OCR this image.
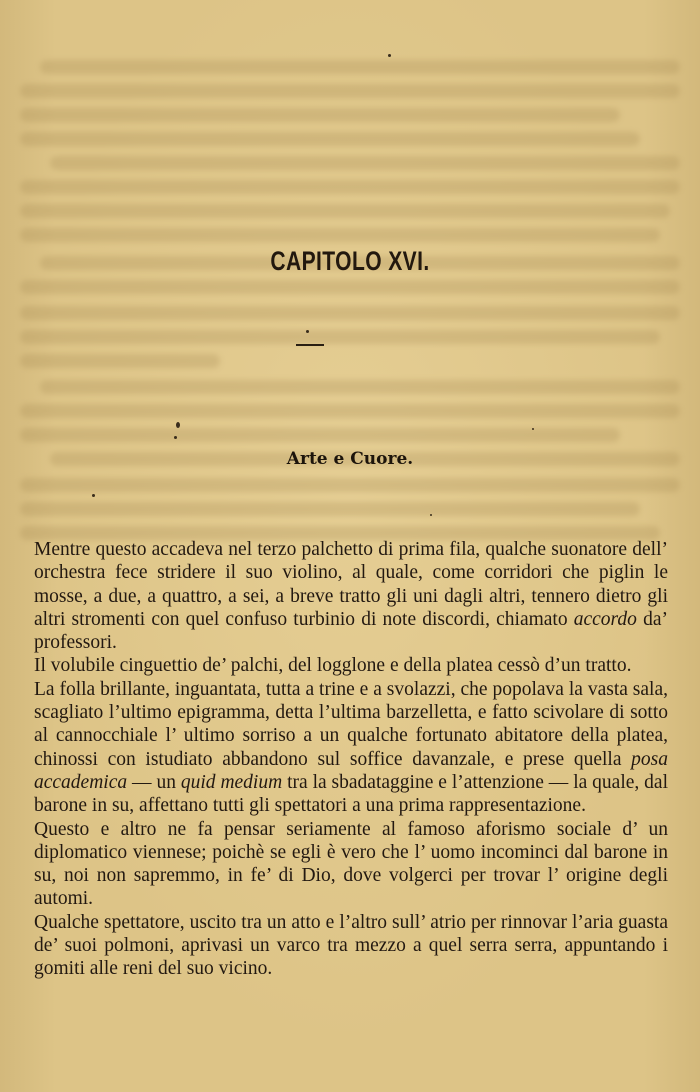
CAPITOLO XVI.
Arte e Cuore.

Mentre questo accadeva nel terzo palchetto di prima fila, qualche suonatore dell’ orchestra fece stridere il suo violino, al quale, come corridori che piglin le mosse, a due, a quattro, a sei, a breve tratto gli uni dagli altri, tennero dietro gli altri stromenti con quel confuso turbinio di note discordi, chiamato accordo da’ professori.

Il volubile cinguettio de’ palchi, del logglone e della platea cessò d’un tratto.

La folla brillante, inguantata, tutta a trine e a svolazzi, che popolava la vasta sala, scagliato l’ultimo epigramma, detta l’ultima barzelletta, e fatto scivolare di sotto al cannocchiale l’ ultimo sorriso a un qualche fortunato abitatore della platea, chinossi con istudiato abbandono sul soffice davanzale, e prese quella posa accademica — un quid medium tra la sbadataggine e l’attenzione — la quale, dal barone in su, affettano tutti gli spettatori a una prima rappresentazione.

Questo e altro ne fa pensar seriamente al famoso aforismo sociale d’ un diplomatico viennese; poichè se egli è vero che l’ uomo incominci dal barone in su, noi non sapremmo, in fe’ di Dio, dove volgerci per trovar l’ origine degli automi.

Qualche spettatore, uscito tra un atto e l’altro sull’ atrio per rinnovar l’aria guasta de’ suoi polmoni, aprivasi un varco tra mezzo a quel serra serra, appuntando i gomiti alle reni del suo vicino.
